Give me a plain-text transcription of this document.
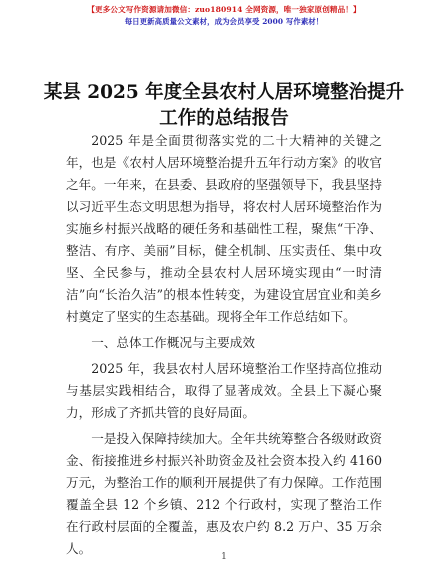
【更多公文写作资源请加微信：zuo180914 全网资源，唯一独家原创精品！】
每日更新高质量公文素材，成为会员享受 2000 写作素材！
某县 2025 年度全县农村人居环境整治提升工作的总结报告

2025 年是全面贯彻落实党的二十大精神的关键之年，也是《农村人居环境整治提升五年行动方案》的收官之年。一年来，在县委、县政府的坚强领导下，我县坚持以习近平生态文明思想为指导，将农村人居环境整治作为实施乡村振兴战略的硬任务和基础性工程，聚焦“干净、整洁、有序、美丽”目标，健全机制、压实责任、集中攻坚、全民参与，推动全县农村人居环境实现由“一时清洁”向“长治久洁”的根本性转变，为建设宜居宜业和美乡村奠定了坚实的生态基础。现将全年工作总结如下。

一、总体工作概况与主要成效

2025 年，我县农村人居环境整治工作坚持高位推动与基层实践相结合，取得了显著成效。全县上下凝心聚力，形成了齐抓共管的良好局面。

一是投入保障持续加大。全年共统筹整合各级财政资金、衔接推进乡村振兴补助资金及社会资本投入约 4160 万元，为整治工作的顺利开展提供了有力保障。工作范围覆盖全县 12 个乡镇、212 个行政村，实现了整治工作在行政村层面的全覆盖，惠及农户约 8.2 万户、35 万余人。

1
